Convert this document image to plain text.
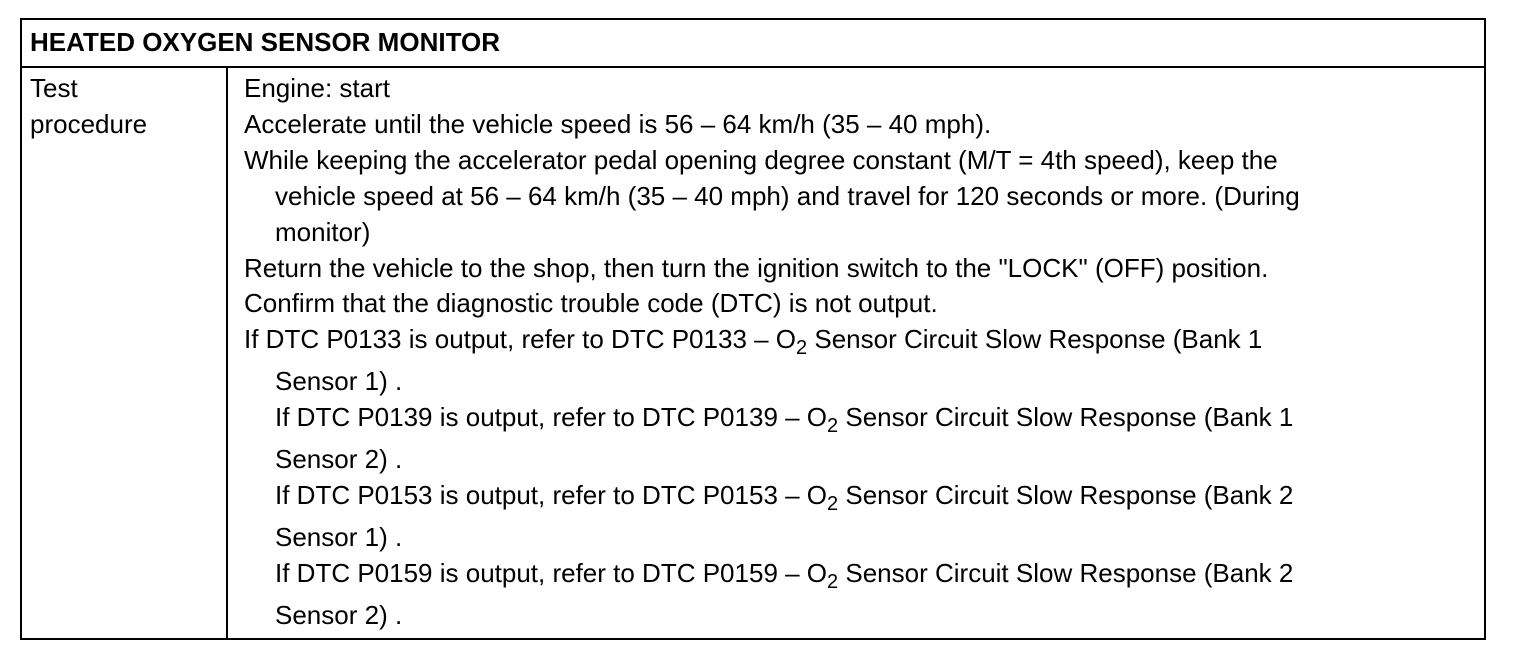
HEATED OXYGEN SENSOR MONITOR
Test
procedure
Engine: start
Accelerate until the vehicle speed is 56 – 64 km/h (35 – 40 mph).
While keeping the accelerator pedal opening degree constant (M/T = 4th speed), keep the
vehicle speed at 56 – 64 km/h (35 – 40 mph) and travel for 120 seconds or more. (During
monitor)
Return the vehicle to the shop, then turn the ignition switch to the "LOCK" (OFF) position.
Confirm that the diagnostic trouble code (DTC) is not output.
If DTC P0133 is output, refer to DTC $P0133 - O_2$ Sensor Circuit Slow Response (Bank 1
Sensor 1) .
If DTC P0139 is output, refer to DTC $P0139 - O_2$ Sensor Circuit Slow Response (Bank 1
Sensor 2) .
If DTC P0153 is output, refer to DTC $P0153 - O_2$ Sensor Circuit Slow Response (Bank 2
Sensor 1) .
If DTC P0159 is output, refer to DTC $P0159 - O_2$ Sensor Circuit Slow Response (Bank 2
Sensor 2) .
